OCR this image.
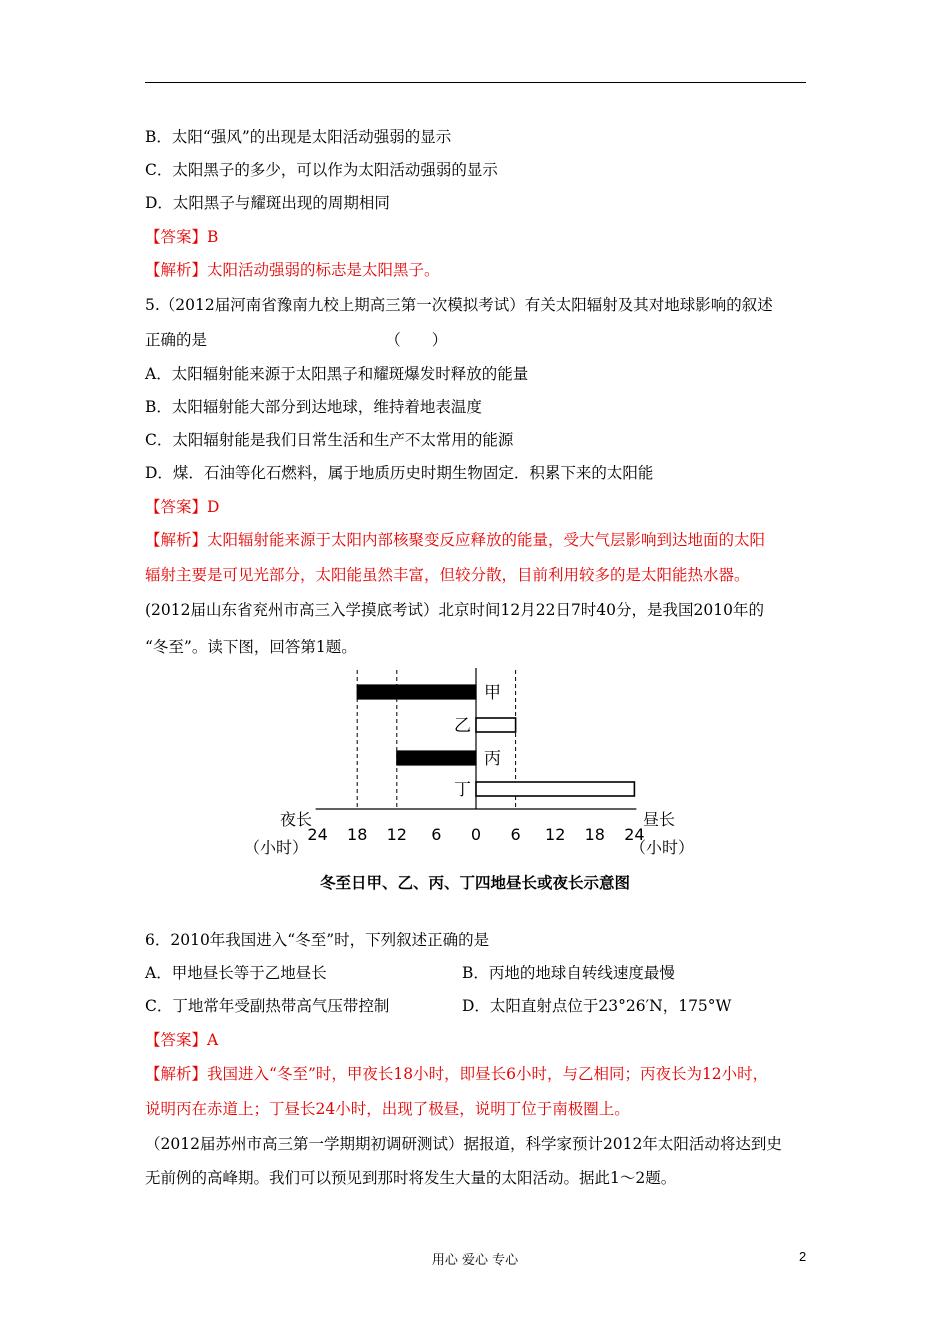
B．太阳“强风”的出现是太阳活动强弱的显示
C．太阳黑子的多少，可以作为太阳活动强弱的显示
D．太阳黑子与耀斑出现的周期相同
【答案】B
【解析】太阳活动强弱的标志是太阳黑子。
5.（2012届河南省豫南九校上期高三第一次模拟考试）有关太阳辐射及其对地球影响的叙述
正确的是　　　　　　　　　　　　（　　）
A．太阳辐射能来源于太阳黑子和耀斑爆发时释放的能量
B．太阳辐射能大部分到达地球，维持着地表温度
C．太阳辐射能是我们日常生活和生产不太常用的能源
D．煤．石油等化石燃料，属于地质历史时期生物固定．积累下来的太阳能
【答案】D
【解析】太阳辐射能来源于太阳内部核聚变反应释放的能量，受大气层影响到达地面的太阳
辐射主要是可见光部分，太阳能虽然丰富，但较分散，目前利用较多的是太阳能热水器。
(2012届山东省兖州市高三入学摸底考试）北京时间12月22日7时40分，是我国2010年的
“冬至”。读下图，回答第1题。
甲
乙
丙
丁
24 18 12 6 0 6 12 18 24
夜长
（小时）
昼长
（小时）
冬至日甲、乙、丙、丁四地昼长或夜长示意图
6．2010年我国进入“冬至”时，下列叙述正确的是
A．甲地昼长等于乙地昼长	B．丙地的地球自转线速度最慢
C．丁地常年受副热带高气压带控制	D．太阳直射点位于23°26′N，175°W
【答案】A
【解析】我国进入“冬至”时，甲夜长18小时，即昼长6小时，与乙相同；丙夜长为12小时，
说明丙在赤道上；丁昼长24小时，出现了极昼，说明丁位于南极圈上。
（2012届苏州市高三第一学期期初调研测试）据报道，科学家预计2012年太阳活动将达到史
无前例的高峰期。我们可以预见到那时将发生大量的太阳活动。据此1～2题。
用心 爱心 专心	2
